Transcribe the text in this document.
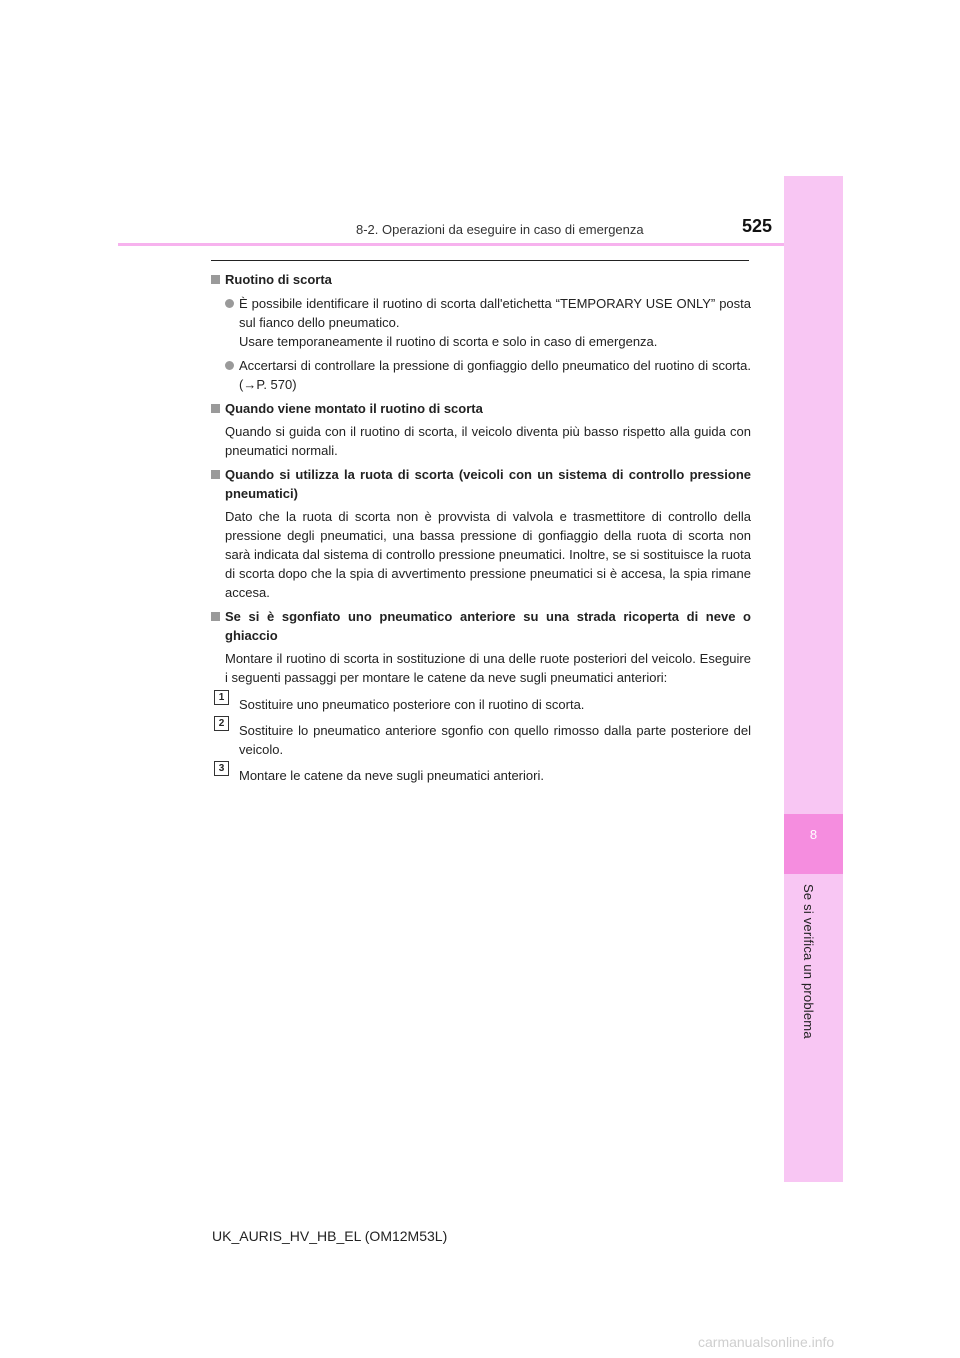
8
Se si verifica un problema
8-2. Operazioni da eseguire in caso di emergenza	525
Ruotino di scorta
È possibile identificare il ruotino di scorta dall'etichetta “TEMPORARY USE ONLY” posta sul fianco dello pneumatico.
Usare temporaneamente il ruotino di scorta e solo in caso di emergenza.
Accertarsi di controllare la pressione di gonfiaggio dello pneumatico del ruotino di scorta. (→P. 570)
Quando viene montato il ruotino di scorta
Quando si guida con il ruotino di scorta, il veicolo diventa più basso rispetto alla guida con pneumatici normali.
Quando si utilizza la ruota di scorta (veicoli con un sistema di controllo pressione pneumatici)
Dato che la ruota di scorta non è provvista di valvola e trasmettitore di controllo della pressione degli pneumatici, una bassa pressione di gonfiaggio della ruota di scorta non sarà indicata dal sistema di controllo pressione pneumatici. Inoltre, se si sostituisce la ruota di scorta dopo che la spia di avvertimento pressione pneumatici si è accesa, la spia rimane accesa.
Se si è sgonfiato uno pneumatico anteriore su una strada ricoperta di neve o ghiaccio
Montare il ruotino di scorta in sostituzione di una delle ruote posteriori del veicolo. Eseguire i seguenti passaggi per montare le catene da neve sugli pneumatici anteriori:
1	Sostituire uno pneumatico posteriore con il ruotino di scorta.
2	Sostituire lo pneumatico anteriore sgonfio con quello rimosso dalla parte posteriore del veicolo.
3	Montare le catene da neve sugli pneumatici anteriori.
UK_AURIS_HV_HB_EL (OM12M53L)
carmanualsonline.info
